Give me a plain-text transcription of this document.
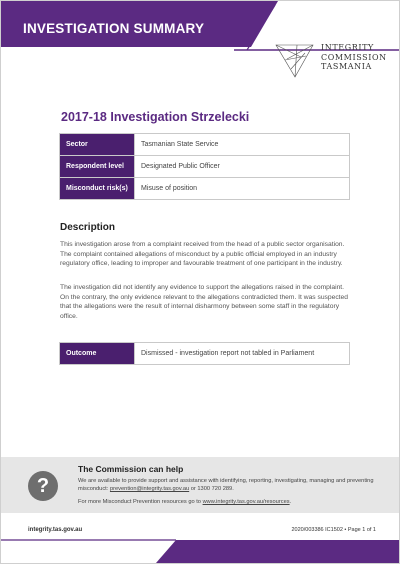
INVESTIGATION SUMMARY
INTEGRITY
COMMISSION
TASMANIA
2017-18 Investigation Strzelecki
Sector	Tasmanian State Service
Respondent level	Designated Public Officer
Misconduct risk(s)	Misuse of position
Description
This investigation arose from a complaint received from the head of a public sector organisation. The complaint contained allegations of misconduct by a public official employed in an industry regulatory office, leading to improper and favourable treatment of one participant in the industry.
The investigation did not identify any evidence to support the allegations raised in the complaint. On the contrary, the only evidence relevant to the allegations contradicted them. It was suspected that the allegations were the result of internal disharmony between some staff in the regulatory office.
Outcome	Dismissed - investigation report not tabled in Parliament
?
The Commission can help
We are available to provide support and assistance with identifying, reporting, investigating, managing and preventing misconduct: prevention@integrity.tas.gov.au or 1300 720 289.
For more Misconduct Prevention resources go to www.integrity.tas.gov.au/resources.
integrity.tas.gov.au	2020/003386 IC1502 • Page 1 of 1
